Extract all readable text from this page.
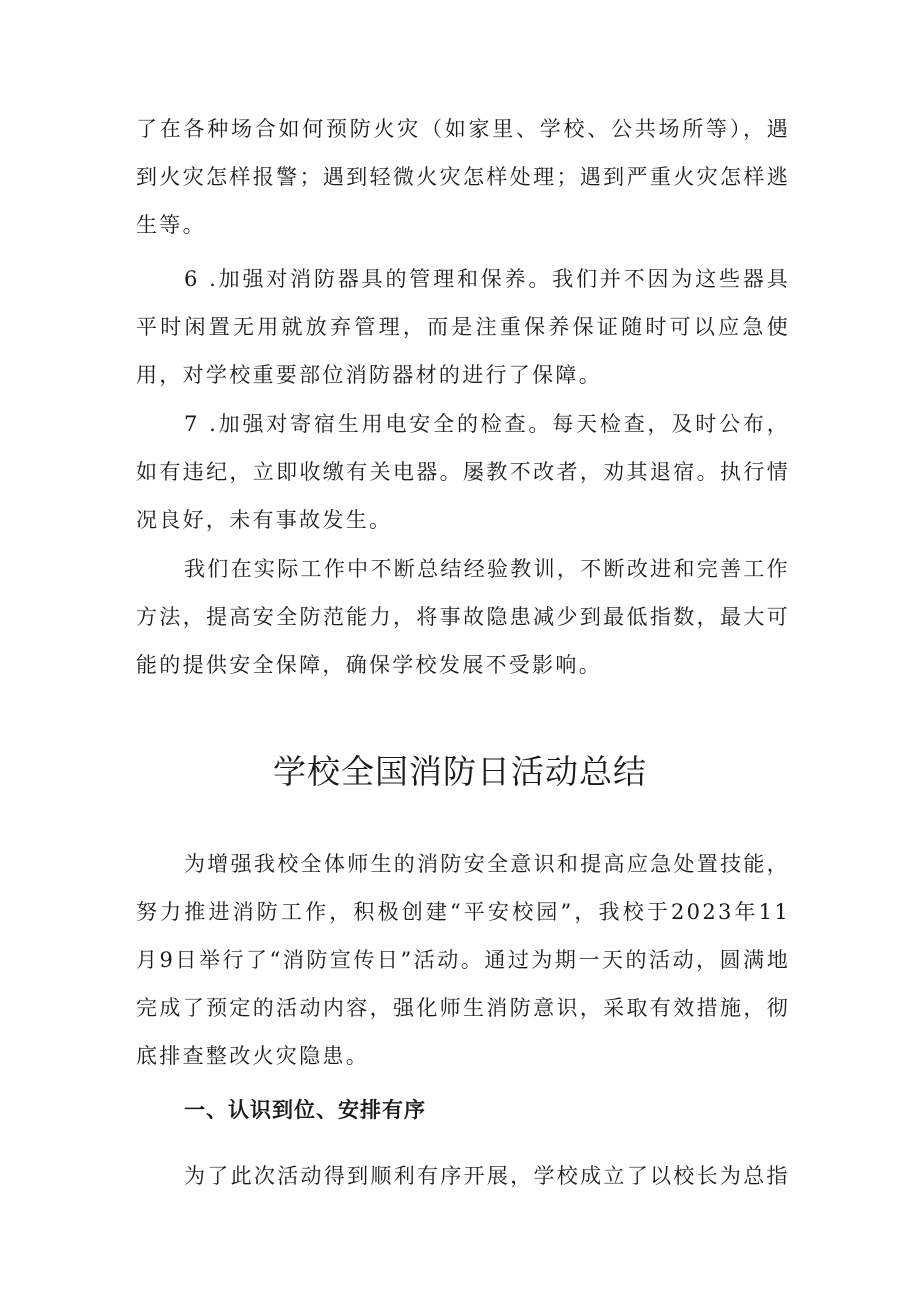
了在各种场合如何预防火灾（如家里、学校、公共场所等），遇到火灾怎样报警；遇到轻微火灾怎样处理；遇到严重火灾怎样逃生等。

6 .加强对消防器具的管理和保养。我们并不因为这些器具平时闲置无用就放弃管理，而是注重保养保证随时可以应急使用，对学校重要部位消防器材的进行了保障。

7 .加强对寄宿生用电安全的检查。每天检查，及时公布，如有违纪，立即收缴有关电器。屡教不改者，劝其退宿。执行情况良好，未有事故发生。

我们在实际工作中不断总结经验教训，不断改进和完善工作方法，提高安全防范能力，将事故隐患减少到最低指数，最大可能的提供安全保障，确保学校发展不受影响。

学校全国消防日活动总结

为增强我校全体师生的消防安全意识和提高应急处置技能，努力推进消防工作，积极创建“平安校园”，我校于2023年11月9日举行了“消防宣传日”活动。通过为期一天的活动，圆满地完成了预定的活动内容，强化师生消防意识，采取有效措施，彻底排查整改火灾隐患。

一、认识到位、安排有序

为了此次活动得到顺利有序开展，学校成立了以校长为总指
